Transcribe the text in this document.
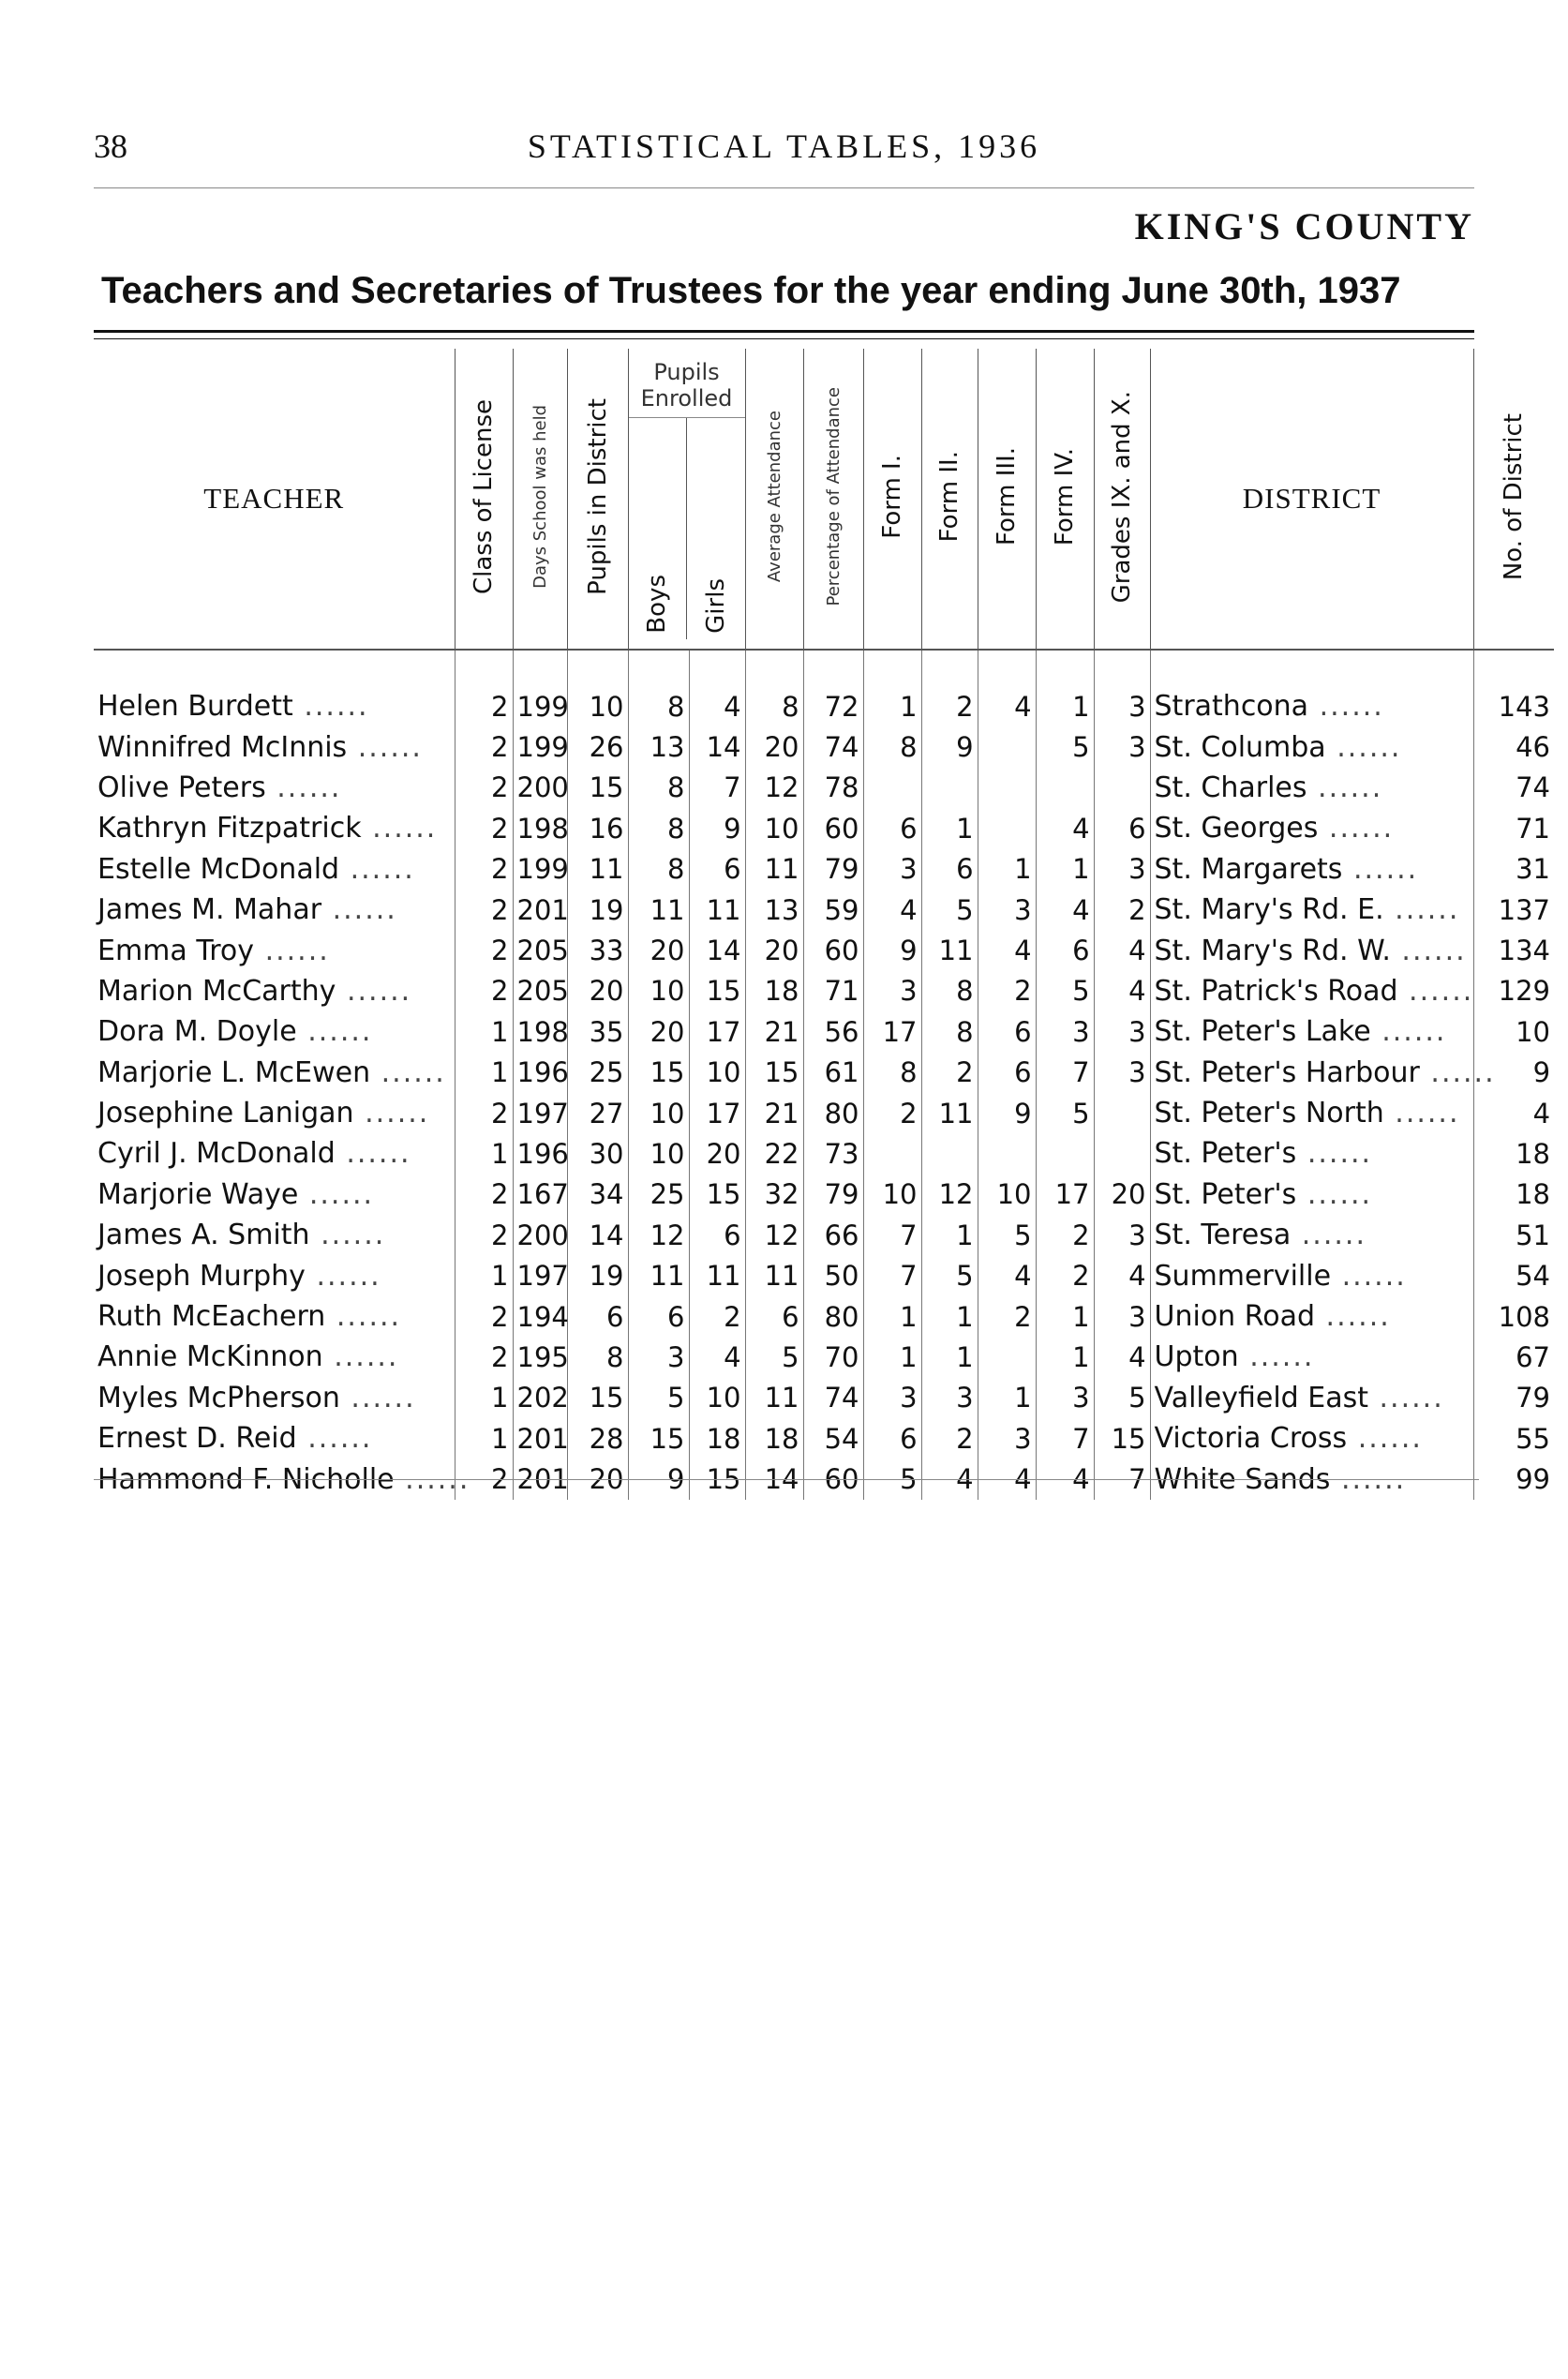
38	STATISTICAL TABLES, 1936
KING'S COUNTY
Teachers and Secretaries of Trustees for the year ending June 30th, 1937
TEACHER	Class of License	Days School was held	Pupils in District	Pupils Enrolled
Boys Girls		Average Attendance	Percentage of Attendance	Form I.	Form II.	Form III.	Form IV.	Grades IX. and X.	DISTRICT	No. of District
Helen Burdett ......	2	199	10	8	4	8	72	1	2	4	1	3	Strathcona ......	143
Winnifred McInnis ......	2	199	26	13	14	20	74	8	9		5	3	St. Columba ......	46
Olive Peters ......	2	200	15	8	7	12	78						St. Charles ......	74
Kathryn Fitzpatrick ......	2	198	16	8	9	10	60	6	1		4	6	St. Georges ......	71
Estelle McDonald ......	2	199	11	8	6	11	79	3	6	1	1	3	St. Margarets ......	31
James M. Mahar ......	2	201	19	11	11	13	59	4	5	3	4	2	St. Mary's Rd. E. ......	137
Emma Troy ......	2	205	33	20	14	20	60	9	11	4	6	4	St. Mary's Rd. W. ......	134
Marion McCarthy ......	2	205	20	10	15	18	71	3	8	2	5	4	St. Patrick's Road ......	129
Dora M. Doyle ......	1	198	35	20	17	21	56	17	8	6	3	3	St. Peter's Lake ......	10
Marjorie L. McEwen ......	1	196	25	15	10	15	61	8	2	6	7	3	St. Peter's Harbour ......	9
Josephine Lanigan ......	2	197	27	10	17	21	80	2	11	9	5		St. Peter's North ......	4
Cyril J. McDonald ......	1	196	30	10	20	22	73						St. Peter's ......	18
Marjorie Waye ......	2	167	34	25	15	32	79	10	12	10	17	20	St. Peter's ......	18
James A. Smith ......	2	200	14	12	6	12	66	7	1	5	2	3	St. Teresa ......	51
Joseph Murphy ......	1	197	19	11	11	11	50	7	5	4	2	4	Summerville ......	54
Ruth McEachern ......	2	194	6	6	2	6	80	1	1	2	1	3	Union Road ......	108
Annie McKinnon ......	2	195	8	3	4	5	70	1	1		1	4	Upton ......	67
Myles McPherson ......	1	202	15	5	10	11	74	3	3	1	3	5	Valleyfield East ......	79
Ernest D. Reid ......	1	201	28	15	18	18	54	6	2	3	7	15	Victoria Cross ......	55
Hammond F. Nicholle ......	2	201	20	9	15	14	60	5	4	4	4	7	White Sands ......	99
